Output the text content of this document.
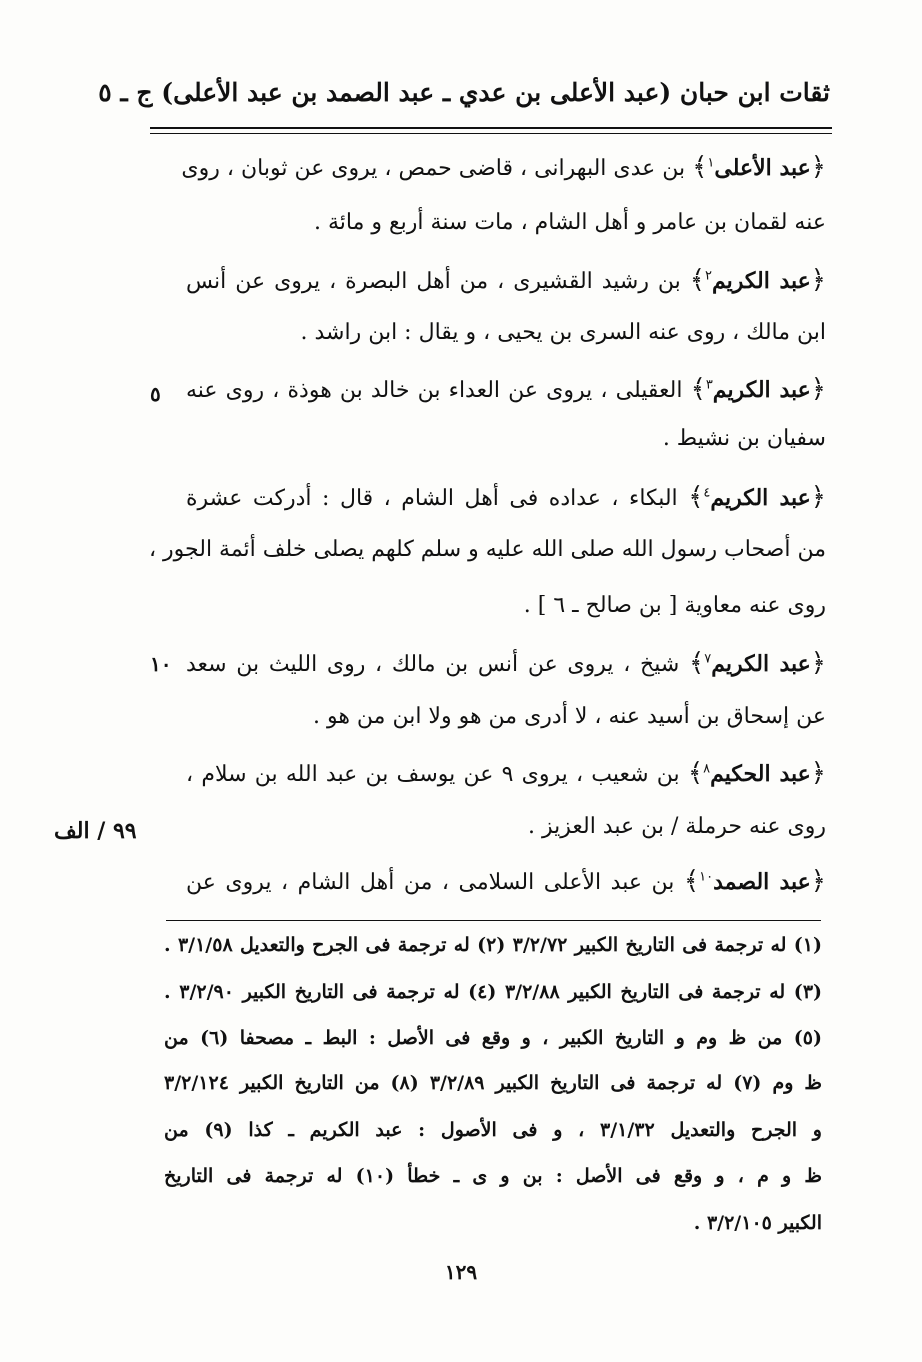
ثقات ابن حبان (عبد الأعلى بن عدي ـ عبد الصمد بن عبد الأعلى) ج ـ ٥
﴿عبد الأعلى$^١$﴾ بن عدى البهرانى ، قاضى حمص ، يروى عن ثوبان ، روى
عنه لقمان بن عامر و أهل الشام ، مات سنة أربع و مائة .
﴿عبد الكريم$^٢$﴾ بن رشيد القشيرى ، من أهل البصرة ، يروى عن أنس
ابن مالك ، روى عنه السرى بن يحيى ، و يقال : ابن راشد .
﴿عبد الكريم$^٣$﴾ العقيلى ، يروى عن العداء بن خالد بن هوذة ، روى عنه
سفيان بن نشيط .
﴿عبد الكريم$^٤$﴾ البكاء ، عداده فى أهل الشام ، قال : أدركت عشرة
من أصحاب رسول الله صلى الله عليه و سلم كلهم يصلى خلف أئمة الجور ،
روى عنه معاوية [ بن صالح ـ ٦ ] .
﴿عبد الكريم$^٧$﴾ شيخ ، يروى عن أنس بن مالك ، روى الليث بن سعد
عن إسحاق بن أسيد عنه ، لا أدرى من هو ولا ابن من هو .
﴿عبد الحكيم$^٨$﴾ بن شعيب ، يروى ٩ عن يوسف بن عبد الله بن سلام ،
روى عنه حرملة / بن عبد العزيز .
﴿عبد الصمد$^{١٠}$﴾ بن عبد الأعلى السلامى ، من أهل الشام ، يروى عن
٥
١٠
٩٩ / الف
(١) له ترجمة فى التاريخ الكبير ٣/٢/٧٢ (٢) له ترجمة فى الجرح والتعديل ٣/١/٥٨ .
(٣) له ترجمة فى التاريخ الكبير ٣/٢/٨٨ (٤) له ترجمة فى التاريخ الكبير ٣/٢/٩٠ .
(٥) من ظ وم و التاريخ الكبير ، و وقع فى الأصل : البط ـ مصحفا (٦) من
ظ وم (٧) له ترجمة فى التاريخ الكبير ٣/٢/٨٩ (٨) من التاريخ الكبير ٣/٢/١٢٤
و الجرح والتعديل ٣/١/٣٢ ، و فى الأصول : عبد الكريم ـ كذا (٩) من
ظ و م ، و وقع فى الأصل : بن و ى ـ خطأ (١٠) له ترجمة فى التاريخ
الكبير ٣/٢/١٠٥ .
١٢٩
